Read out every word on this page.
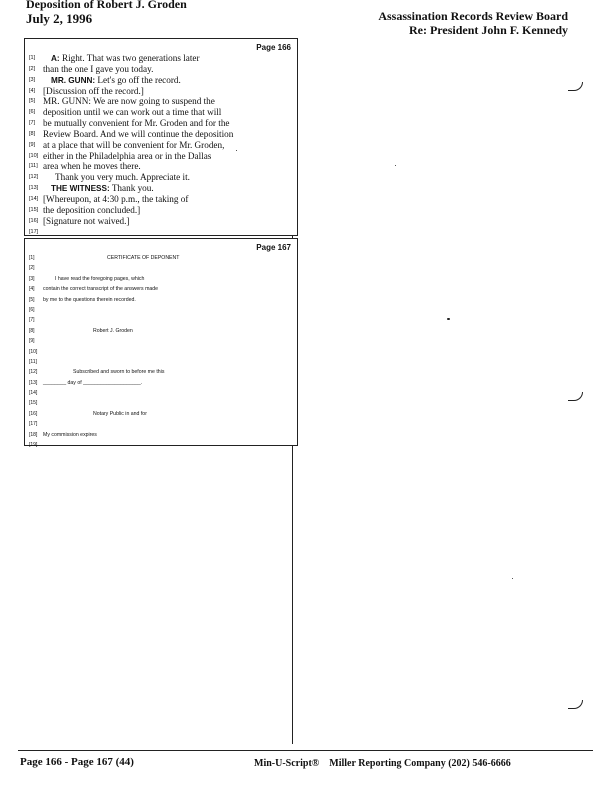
Deposition of Robert J. Groden
July 2, 1996	Assassination Records Review Board
Re: President John F. Kennedy
Page 166
[1] A: Right. That was two generations later
[2] than the one I gave you today.
[3] MR. GUNN: Let's go off the record.
[4] [Discussion off the record.]
[5] MR. GUNN: We are now going to suspend the
[6] deposition until we can work out a time that will
[7] be mutually convenient for Mr. Groden and for the
[8] Review Board. And we will continue the deposition
[9] at a place that will be convenient for Mr. Groden,
[10] either in the Philadelphia area or in the Dallas
[11] area when he moves there.
[12] Thank you very much. Appreciate it.
[13] THE WITNESS: Thank you.
[14] [Whereupon, at 4:30 p.m., the taking of
[15] the deposition concluded.]
[16] [Signature not waived.]
[17]
Page 167
[1]	CERTIFICATE OF DEPONENT
[2]
[3]	I have read the foregoing pages, which
[4] contain the correct transcript of the answers made
[5] by me to the questions therein recorded.
[6]
[7]
[8]	Robert J. Groden
[9]
[10]
[11]
[12]	Subscribed and sworn to before me this
[13] ________ day of ____________________.
[14]
[15]
[16]	Notary Public in and for
[17]
[18] My commission expires
[19]
Page 166 - Page 167 (44)	Min-U-Script® Miller Reporting Company (202) 546-6666
